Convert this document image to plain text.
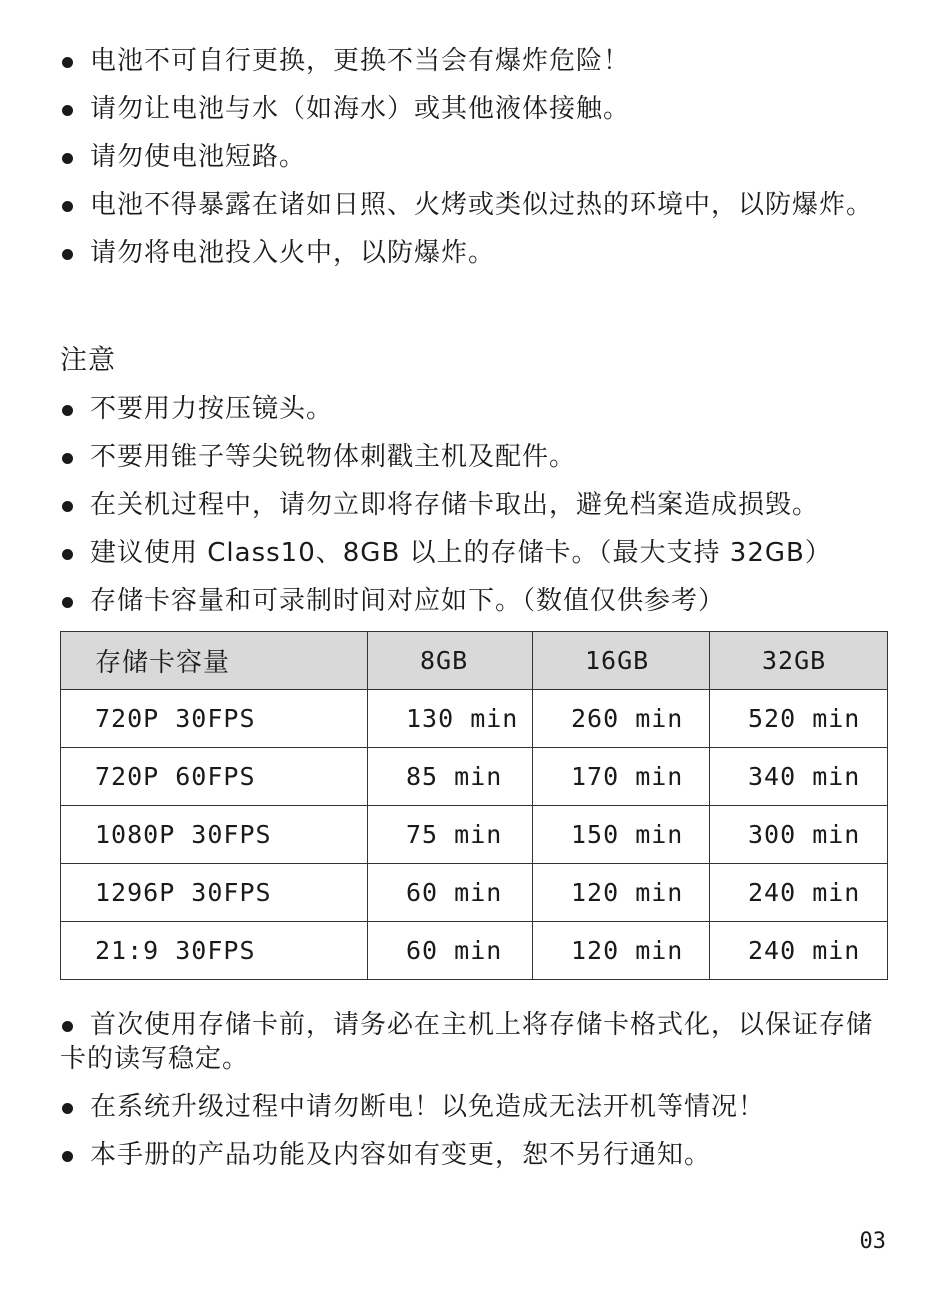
电池不可自行更换，更换不当会有爆炸危险！

请勿让电池与水（如海水）或其他液体接触。

请勿使电池短路。

电池不得暴露在诸如日照、火烤或类似过热的环境中，以防爆炸。

请勿将电池投入火中，以防爆炸。

注意

不要用力按压镜头。

不要用锥子等尖锐物体刺戳主机及配件。

在关机过程中，请勿立即将存储卡取出，避免档案造成损毁。

建议使用 Class10、8GB 以上的存储卡。（最大支持 32GB）

存储卡容量和可录制时间对应如下。（数值仅供参考）

存储卡容量	8GB	16GB	32GB
720P 30FPS	130 min	260 min	520 min
720P 60FPS	85 min	170 min	340 min
1080P 30FPS	75 min	150 min	300 min
1296P 30FPS	60 min	120 min	240 min
21:9 30FPS	60 min	120 min	240 min

首次使用存储卡前，请务必在主机上将存储卡格式化，以保证存储卡的读写稳定。

在系统升级过程中请勿断电！以免造成无法开机等情况！

本手册的产品功能及内容如有变更，恕不另行通知。

03
